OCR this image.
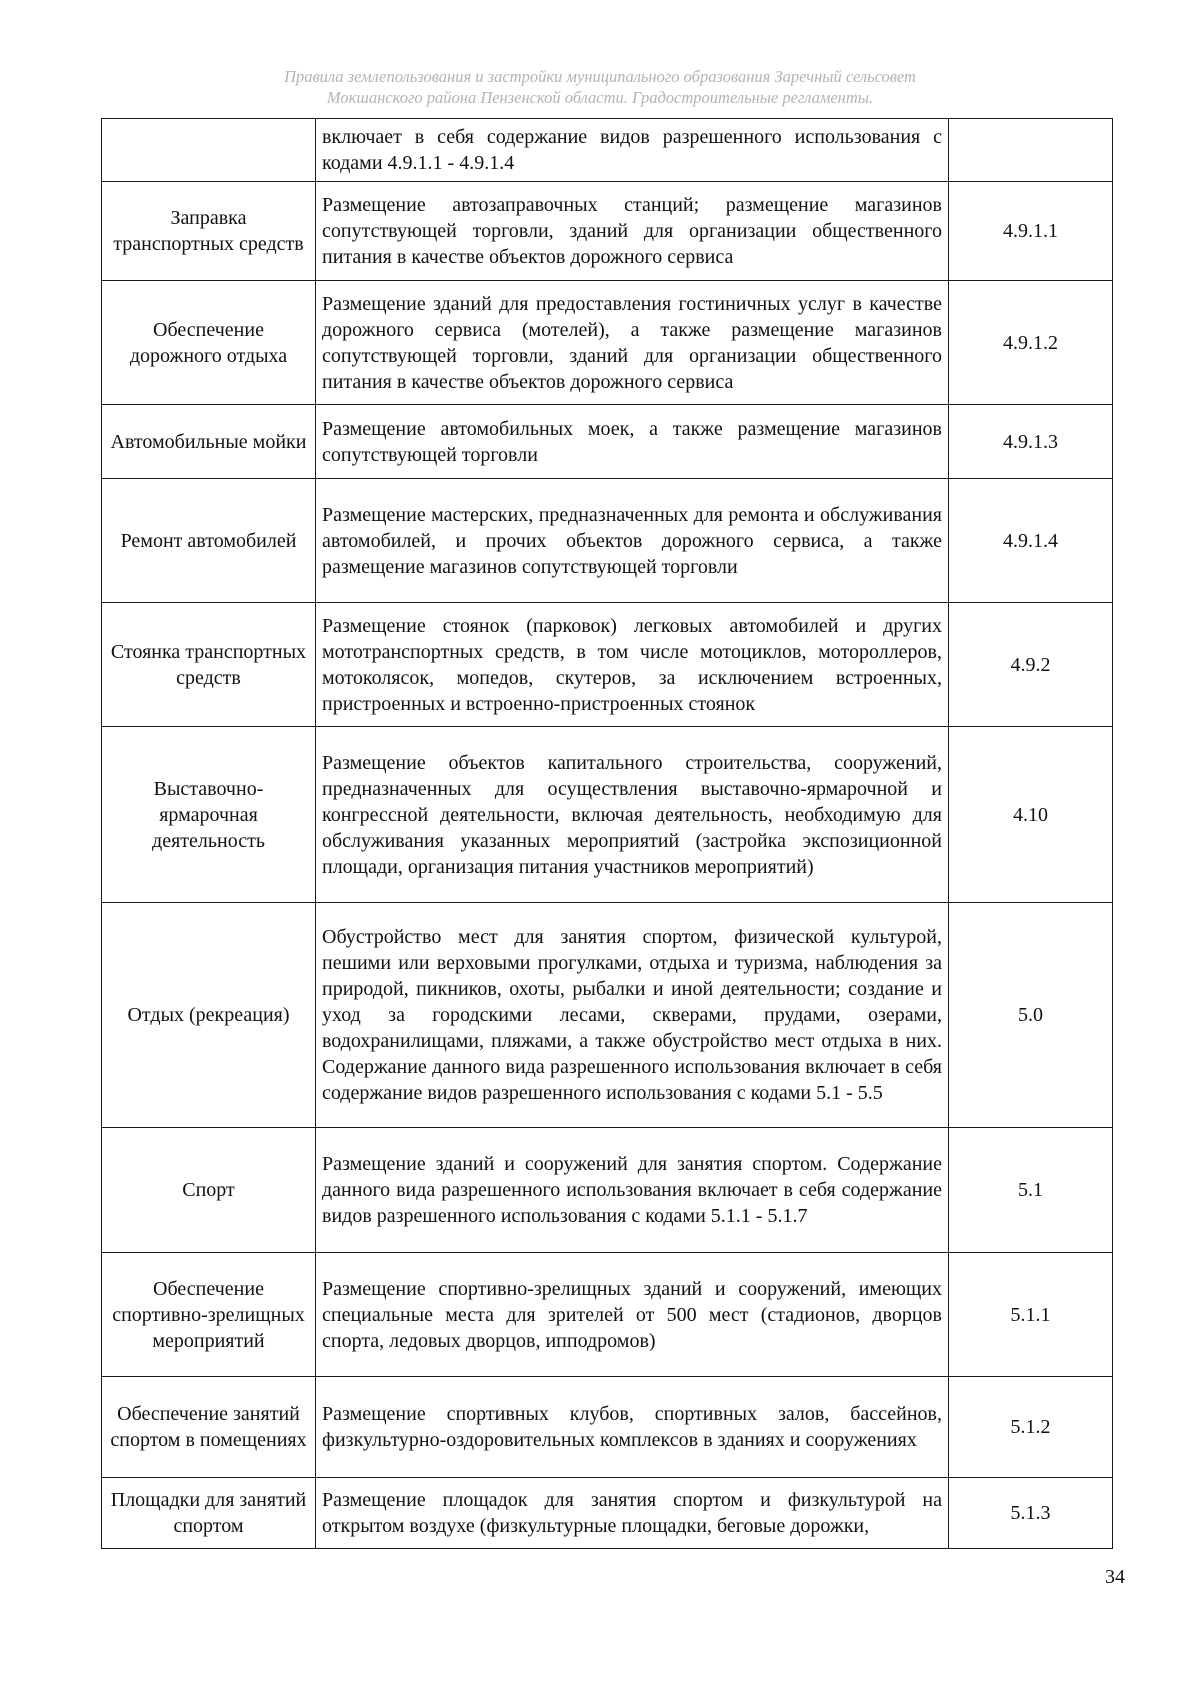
Правила землепользования и застройки муниципального образования Заречный сельсовет
Мокшанского района Пензенской области. Градостроительные регламенты.
	включает в себя содержание видов разрешенного использования с кодами 4.9.1.1 - 4.9.1.4	
Заправка транспортных средств	Размещение автозаправочных станций; размещение магазинов сопутствующей торговли, зданий для организации общественного питания в качестве объектов дорожного сервиса	4.9.1.1
Обеспечение дорожного отдыха	Размещение зданий для предоставления гостиничных услуг в качестве дорожного сервиса (мотелей), а также размещение магазинов сопутствующей торговли, зданий для организации общественного питания в качестве объектов дорожного сервиса	4.9.1.2
Автомобильные мойки	Размещение автомобильных моек, а также размещение магазинов сопутствующей торговли	4.9.1.3
Ремонт автомобилей	Размещение мастерских, предназначенных для ремонта и обслуживания автомобилей, и прочих объектов дорожного сервиса, а также размещение магазинов сопутствующей торговли	4.9.1.4
Стоянка транспортных средств	Размещение стоянок (парковок) легковых автомобилей и других мототранспортных средств, в том числе мотоциклов, мотороллеров, мотоколясок, мопедов, скутеров, за исключением встроенных, пристроенных и встроенно-пристроенных стоянок	4.9.2
Выставочно-ярмарочная деятельность	Размещение объектов капитального строительства, сооружений, предназначенных для осуществления выставочно-ярмарочной и конгрессной деятельности, включая деятельность, необходимую для обслуживания указанных мероприятий (застройка экспозиционной площади, организация питания участников мероприятий)	4.10
Отдых (рекреация)	Обустройство мест для занятия спортом, физической культурой, пешими или верховыми прогулками, отдыха и туризма, наблюдения за природой, пикников, охоты, рыбалки и иной деятельности; создание и уход за городскими лесами, скверами, прудами, озерами, водохранилищами, пляжами, а также обустройство мест отдыха в них. Содержание данного вида разрешенного использования включает в себя содержание видов разрешенного использования с кодами 5.1 - 5.5	5.0
Спорт	Размещение зданий и сооружений для занятия спортом. Содержание данного вида разрешенного использования включает в себя содержание видов разрешенного использования с кодами 5.1.1 - 5.1.7	5.1
Обеспечение спортивно-зрелищных мероприятий	Размещение спортивно-зрелищных зданий и сооружений, имеющих специальные места для зрителей от 500 мест (стадионов, дворцов спорта, ледовых дворцов, ипподромов)	5.1.1
Обеспечение занятий спортом в помещениях	Размещение спортивных клубов, спортивных залов, бассейнов, физкультурно-оздоровительных комплексов в зданиях и сооружениях	5.1.2
Площадки для занятий спортом	Размещение площадок для занятия спортом и физкультурой на открытом воздухе (физкультурные площадки, беговые дорожки,	5.1.3
34
